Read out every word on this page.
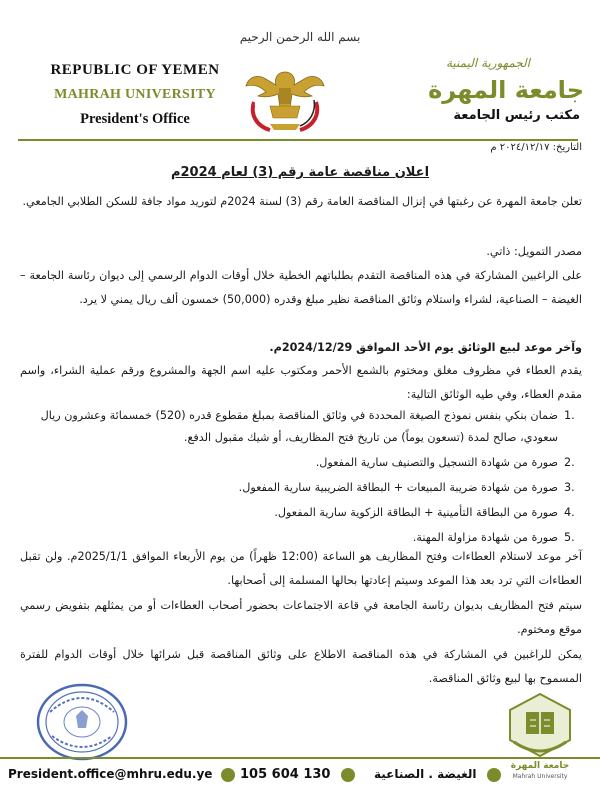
بسم الله الرحمن الرحيم
REPUBLIC OF YEMEN
MAHRAH UNIVERSITY
President's Office
الجمهورية اليمنية
جامعة المهرة
مكتب رئيس الجامعة
التاريخ: ٢٠٢٤/١٢/١٧ م
اعلان مناقصة عامة رقم (3) لعام 2024م
تعلن جامعة المهرة عن رغبتها في إنزال المناقصة العامة رقم (3) لسنة 2024م لتوريد مواد جافة للسكن الطلابي الجامعي.
مصدر التمويل: ذاتي.
على الراغبين المشاركة في هذه المناقصة التقدم بطلباتهم الخطية خلال أوقات الدوام الرسمي إلى ديوان رئاسة الجامعة – الغيضة – الصناعية، لشراء واستلام وثائق المناقصة نظير مبلغ وقدره (50,000) خمسون ألف ريال يمني لا يرد.
وآخر موعد لبيع الوثائق يوم الأحد الموافق 2024/12/29م.
يقدم العطاء في مظروف مغلق ومختوم بالشمع الأحمر ومكتوب عليه اسم الجهة والمشروع ورقم عملية الشراء، واسم مقدم العطاء، وفي طيه الوثائق التالية:
.1
ضمان بنكي بنفس نموذج الصيغة المحددة في وثائق المناقصة بمبلغ مقطوع قدره (520) خمسمائة وعشرون ريال سعودي، صالح لمدة (تسعون يوماً) من تاريخ فتح المظاريف، أو شيك مقبول الدفع.
.2
صورة من شهادة التسجيل والتصنيف سارية المفعول.
.3
صورة من شهادة ضريبة المبيعات + البطاقة الضريبية سارية المفعول.
.4
صورة من البطاقة التأمينية + البطاقة الزكوية سارية المفعول.
.5
صورة من شهادة مزاولة المهنة.
آخر موعد لاستلام العطاءات وفتح المظاريف هو الساعة (12:00 ظهراً) من يوم الأربعاء الموافق 2025/1/1م. ولن تقبل العطاءات التي ترد بعد هذا الموعد وسيتم إعادتها بحالها المسلمة إلى أصحابها.
سيتم فتح المظاريف بديوان رئاسة الجامعة في قاعة الاجتماعات بحضور أصحاب العطاءات أو من يمثلهم بتفويض رسمي موقع ومختوم.
يمكن للراغبين في المشاركة في هذه المناقصة الاطلاع على وثائق المناقصة قبل شرائها خلال أوقات الدوام للفترة المسموح بها لبيع وثائق المناقصة.
جامعة المهرة
Mahrah University
President.office@mhru.edu.ye	105 604 130	الغيضة . الصناعية
